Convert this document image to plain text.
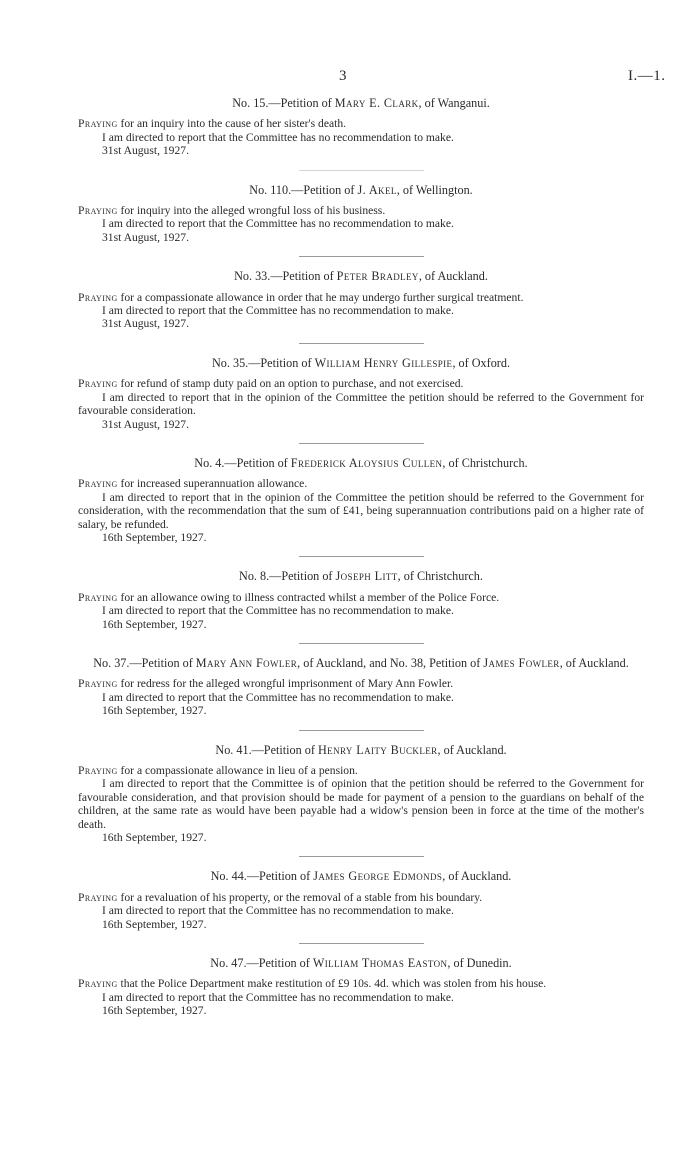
3	I.—1.
No. 15.—Petition of Mary E. Clark, of Wanganui.

Praying for an inquiry into the cause of her sister's death.

I am directed to report that the Committee has no recommendation to make.

31st August, 1927.
No. 110.—Petition of J. Akel, of Wellington.

Praying for inquiry into the alleged wrongful loss of his business.

I am directed to report that the Committee has no recommendation to make.

31st August, 1927.
No. 33.—Petition of Peter Bradley, of Auckland.

Praying for a compassionate allowance in order that he may undergo further surgical treatment.

I am directed to report that the Committee has no recommendation to make.

31st August, 1927.
No. 35.—Petition of William Henry Gillespie, of Oxford.

Praying for refund of stamp duty paid on an option to purchase, and not exercised.

I am directed to report that in the opinion of the Committee the petition should be referred to the Government for favourable consideration.

31st August, 1927.
No. 4.—Petition of Frederick Aloysius Cullen, of Christchurch.

Praying for increased superannuation allowance.

I am directed to report that in the opinion of the Committee the petition should be referred to the Government for consideration, with the recommendation that the sum of £41, being superannuation contributions paid on a higher rate of salary, be refunded.

16th September, 1927.
No. 8.—Petition of Joseph Litt, of Christchurch.

Praying for an allowance owing to illness contracted whilst a member of the Police Force.

I am directed to report that the Committee has no recommendation to make.

16th September, 1927.
No. 37.—Petition of Mary Ann Fowler, of Auckland, and No. 38, Petition of James Fowler, of Auckland.

Praying for redress for the alleged wrongful imprisonment of Mary Ann Fowler.

I am directed to report that the Committee has no recommendation to make.

16th September, 1927.
No. 41.—Petition of Henry Laity Buckler, of Auckland.

Praying for a compassionate allowance in lieu of a pension.

I am directed to report that the Committee is of opinion that the petition should be referred to the Government for favourable consideration, and that provision should be made for payment of a pension to the guardians on behalf of the children, at the same rate as would have been payable had a widow's pension been in force at the time of the mother's death.

16th September, 1927.
No. 44.—Petition of James George Edmonds, of Auckland.

Praying for a revaluation of his property, or the removal of a stable from his boundary.

I am directed to report that the Committee has no recommendation to make.

16th September, 1927.
No. 47.—Petition of William Thomas Easton, of Dunedin.

Praying that the Police Department make restitution of £9 10s. 4d. which was stolen from his house.

I am directed to report that the Committee has no recommendation to make.

16th September, 1927.
